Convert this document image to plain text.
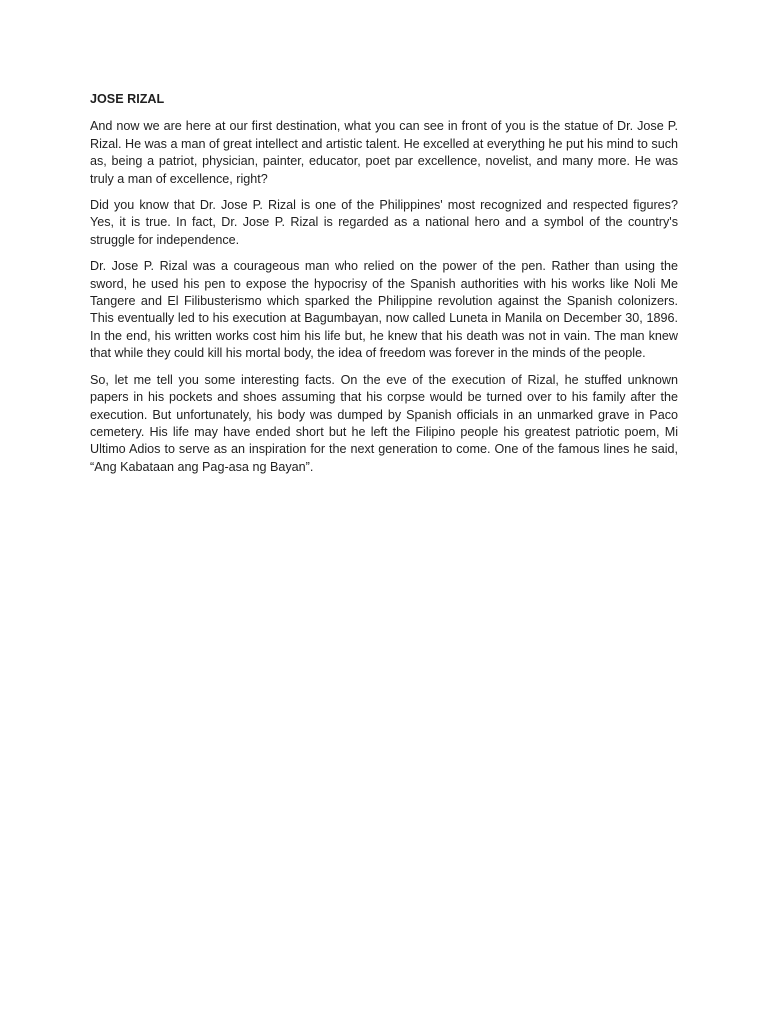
JOSE RIZAL

And now we are here at our first destination, what you can see in front of you is the statue of Dr. Jose P. Rizal. He was a man of great intellect and artistic talent. He excelled at everything he put his mind to such as, being a patriot, physician, painter, educator, poet par excellence, novelist, and many more. He was truly a man of excellence, right?

Did you know that Dr. Jose P. Rizal is one of the Philippines' most recognized and respected figures? Yes, it is true. In fact, Dr. Jose P. Rizal is regarded as a national hero and a symbol of the country's struggle for independence.

Dr. Jose P. Rizal was a courageous man who relied on the power of the pen. Rather than using the sword, he used his pen to expose the hypocrisy of the Spanish authorities with his works like Noli Me Tangere and El Filibusterismo which sparked the Philippine revolution against the Spanish colonizers. This eventually led to his execution at Bagumbayan, now called Luneta in Manila on December 30, 1896. In the end, his written works cost him his life but, he knew that his death was not in vain. The man knew that while they could kill his mortal body, the idea of freedom was forever in the minds of the people.

So, let me tell you some interesting facts. On the eve of the execution of Rizal, he stuffed unknown papers in his pockets and shoes assuming that his corpse would be turned over to his family after the execution. But unfortunately, his body was dumped by Spanish officials in an unmarked grave in Paco cemetery. His life may have ended short but he left the Filipino people his greatest patriotic poem, Mi Ultimo Adios to serve as an inspiration for the next generation to come. One of the famous lines he said, “Ang Kabataan ang Pag-asa ng Bayan”.
